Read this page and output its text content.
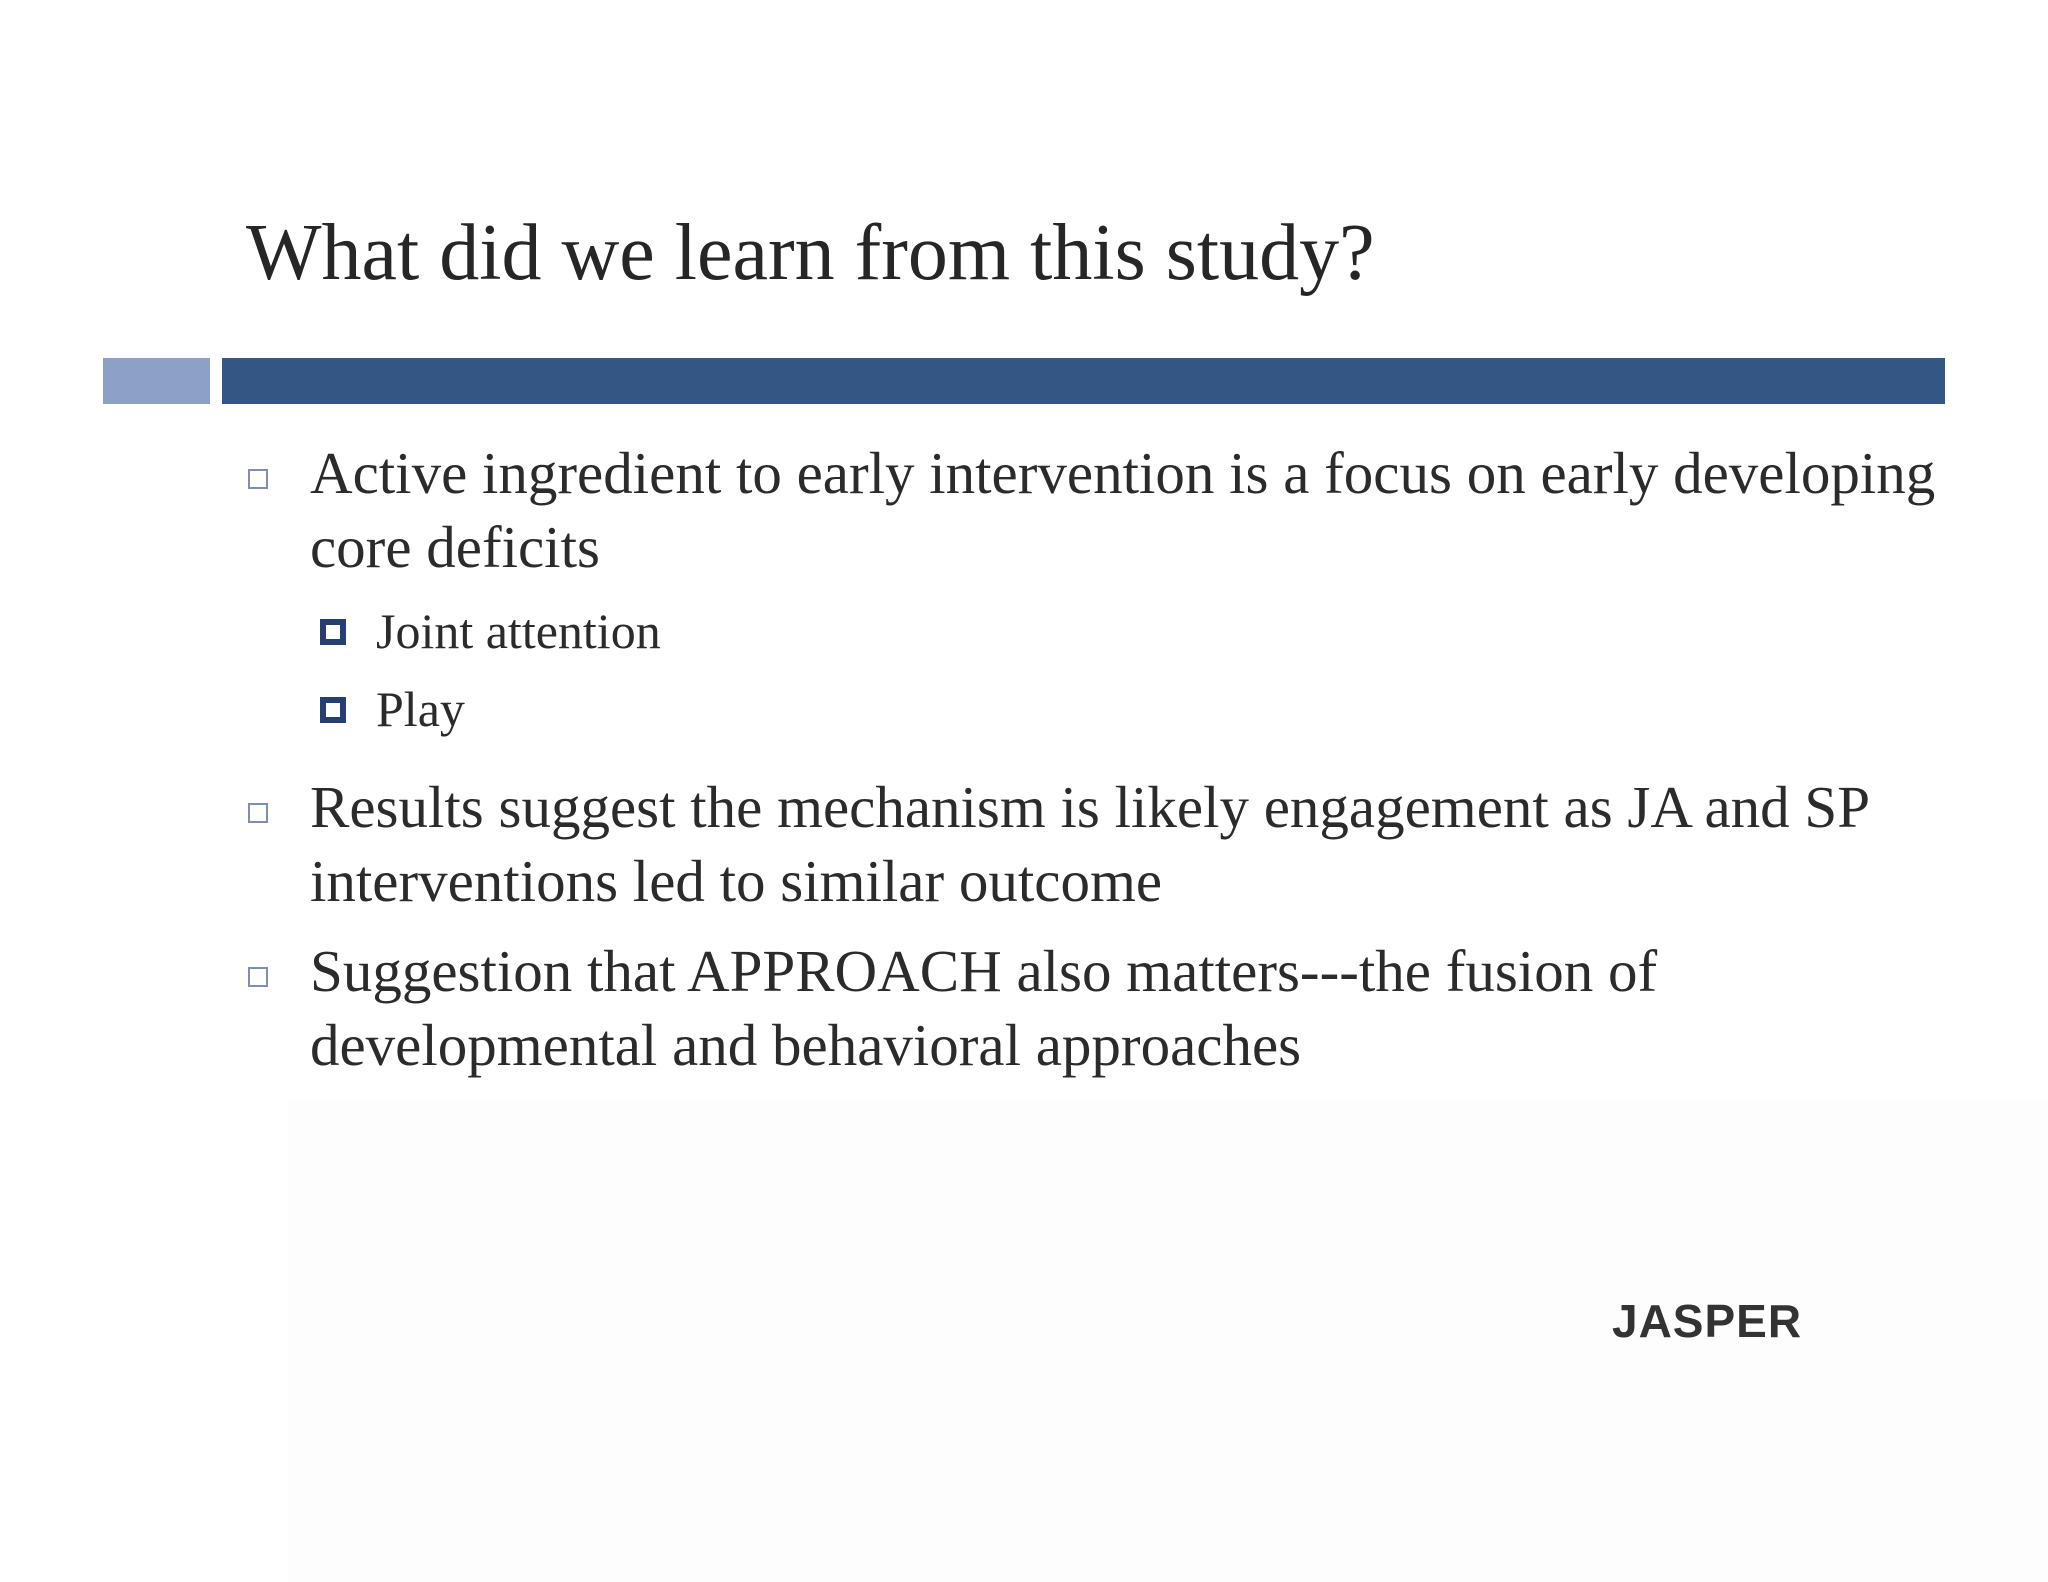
What did we learn from this study?
Active ingredient to early intervention is a focus on early developing core deficits
Joint attention
Play
Results suggest the mechanism is likely engagement as JA and SP interventions led to similar outcome
Suggestion that APPROACH also matters---the fusion of developmental and behavioral approaches
JASPER
